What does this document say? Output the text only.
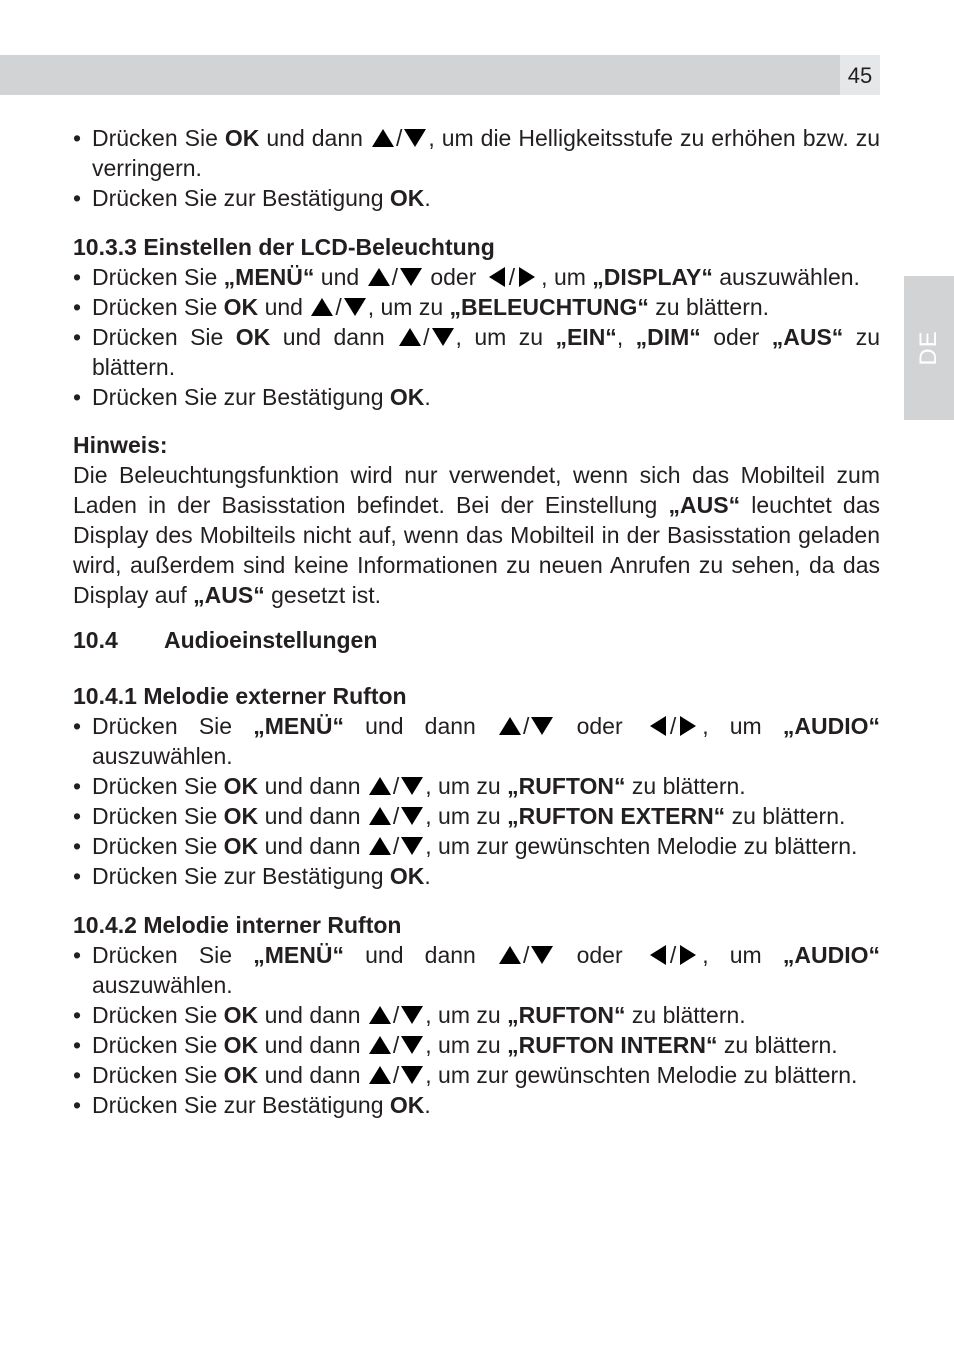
45
DE
• Drücken Sie OK und dann / , um die Helligkeitsstufe zu erhöhen bzw. zu verringern.
• Drücken Sie zur Bestätigung OK.
10.3.3 Einstellen der LCD-Beleuchtung
• Drücken Sie „MENÜ“ und / oder / , um „DISPLAY“ auszuwählen.
• Drücken Sie OK und / , um zu „BELEUCHTUNG“ zu blättern.
• Drücken Sie OK und dann / , um zu „EIN“, „DIM“ oder „AUS“ zu blättern.
• Drücken Sie zur Bestätigung OK.
Hinweis:
Die Beleuchtungsfunktion wird nur verwendet, wenn sich das Mobilteil zum Laden in der Basisstation befindet. Bei der Einstellung „AUS“ leuchtet das Display des Mobilteils nicht auf, wenn das Mobilteil in der Basisstation geladen wird, außerdem sind keine Informationen zu neuen Anrufen zu sehen, da das Display auf „AUS“ gesetzt ist.
10.4 Audioeinstellungen
10.4.1 Melodie externer Rufton
• Drücken Sie „MENÜ“ und dann / oder / , um „AUDIO“ auszuwählen.
• Drücken Sie OK und dann / , um zu „RUFTON“ zu blättern.
• Drücken Sie OK und dann / , um zu „RUFTON EXTERN“ zu blättern.
• Drücken Sie OK und dann / , um zur gewünschten Melodie zu blättern.
• Drücken Sie zur Bestätigung OK.
10.4.2 Melodie interner Rufton
• Drücken Sie „MENÜ“ und dann / oder / , um „AUDIO“ auszuwählen.
• Drücken Sie OK und dann / , um zu „RUFTON“ zu blättern.
• Drücken Sie OK und dann / , um zu „RUFTON INTERN“ zu blättern.
• Drücken Sie OK und dann / , um zur gewünschten Melodie zu blättern.
• Drücken Sie zur Bestätigung OK.
